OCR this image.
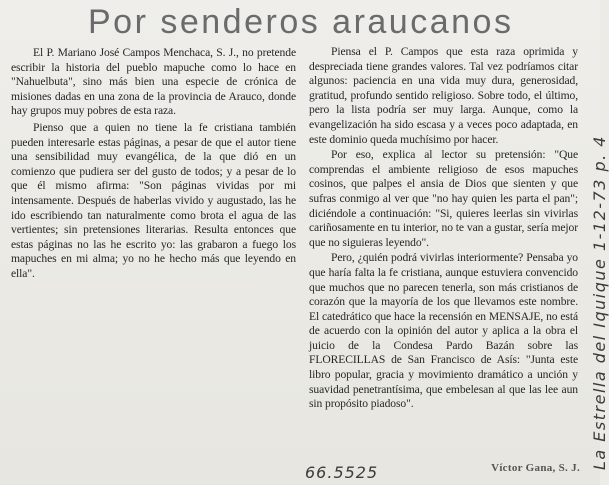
Por senderos araucanos

El P. Mariano José Campos Menchaca, S. J., no pretende escribir la historia del pueblo mapuche como lo hace en "Nahuelbuta", sino más bien una especie de crónica de misiones dadas en una zona de la provincia de Arauco, donde hay grupos muy pobres de esta raza.

Pienso que a quien no tiene la fe cristiana también pueden interesarle estas páginas, a pesar de que el autor tiene una sensibilidad muy evangélica, de la que dió en un comienzo que pudiera ser del gusto de todos; y a pesar de lo que él mismo afirma: "Son páginas vividas por mi intensamente. Después de haberlas vivido y augustado, las he ido escribiendo tan naturalmente como brota el agua de las vertientes; sin pretensiones literarias. Resulta entonces que estas páginas no las he escrito yo: las grabaron a fuego los mapuches en mi alma; yo no he hecho más que leyendo en ella".

Piensa el P. Campos que esta raza oprimida y despreciada tiene grandes valores. Tal vez podríamos citar algunos: paciencia en una vida muy dura, generosidad, gratitud, profundo sentido religioso. Sobre todo, el último, pero la lista podría ser muy larga. Aunque, como la evangelización ha sido escasa y a veces poco adaptada, en este dominio queda muchísimo por hacer.

Por eso, explica al lector su pretensión: "Que comprendas el ambiente religioso de esos mapuches cosinos, que palpes el ansia de Dios que sienten y que sufras conmigo al ver que "no hay quien les parta el pan"; diciéndole a continuación: "Si, quieres leerlas sin vivirlas cariñosamente en tu interior, no te van a gustar, sería mejor que no siguieras leyendo".

Pero, ¿quién podrá vivirlas interiormente? Pensaba yo que haría falta la fe cristiana, aunque estuviera convencido que muchos que no parecen tenerla, son más cristianos de corazón que la mayoría de los que llevamos este nombre. El catedrático que hace la recensión en MENSAJE, no está de acuerdo con la opinión del autor y aplica a la obra el juicio de la Condesa Pardo Bazán sobre las FLORECILLAS de San Francisco de Asís: "Junta este libro popular, gracia y movimiento dramático a unción y suavidad penetrantísima, que embelesan al que las lee aun sin propósito piadoso".

Víctor Gana, S. J. La Estrella del Iquique 1-12-73 p. 4
66.5525
